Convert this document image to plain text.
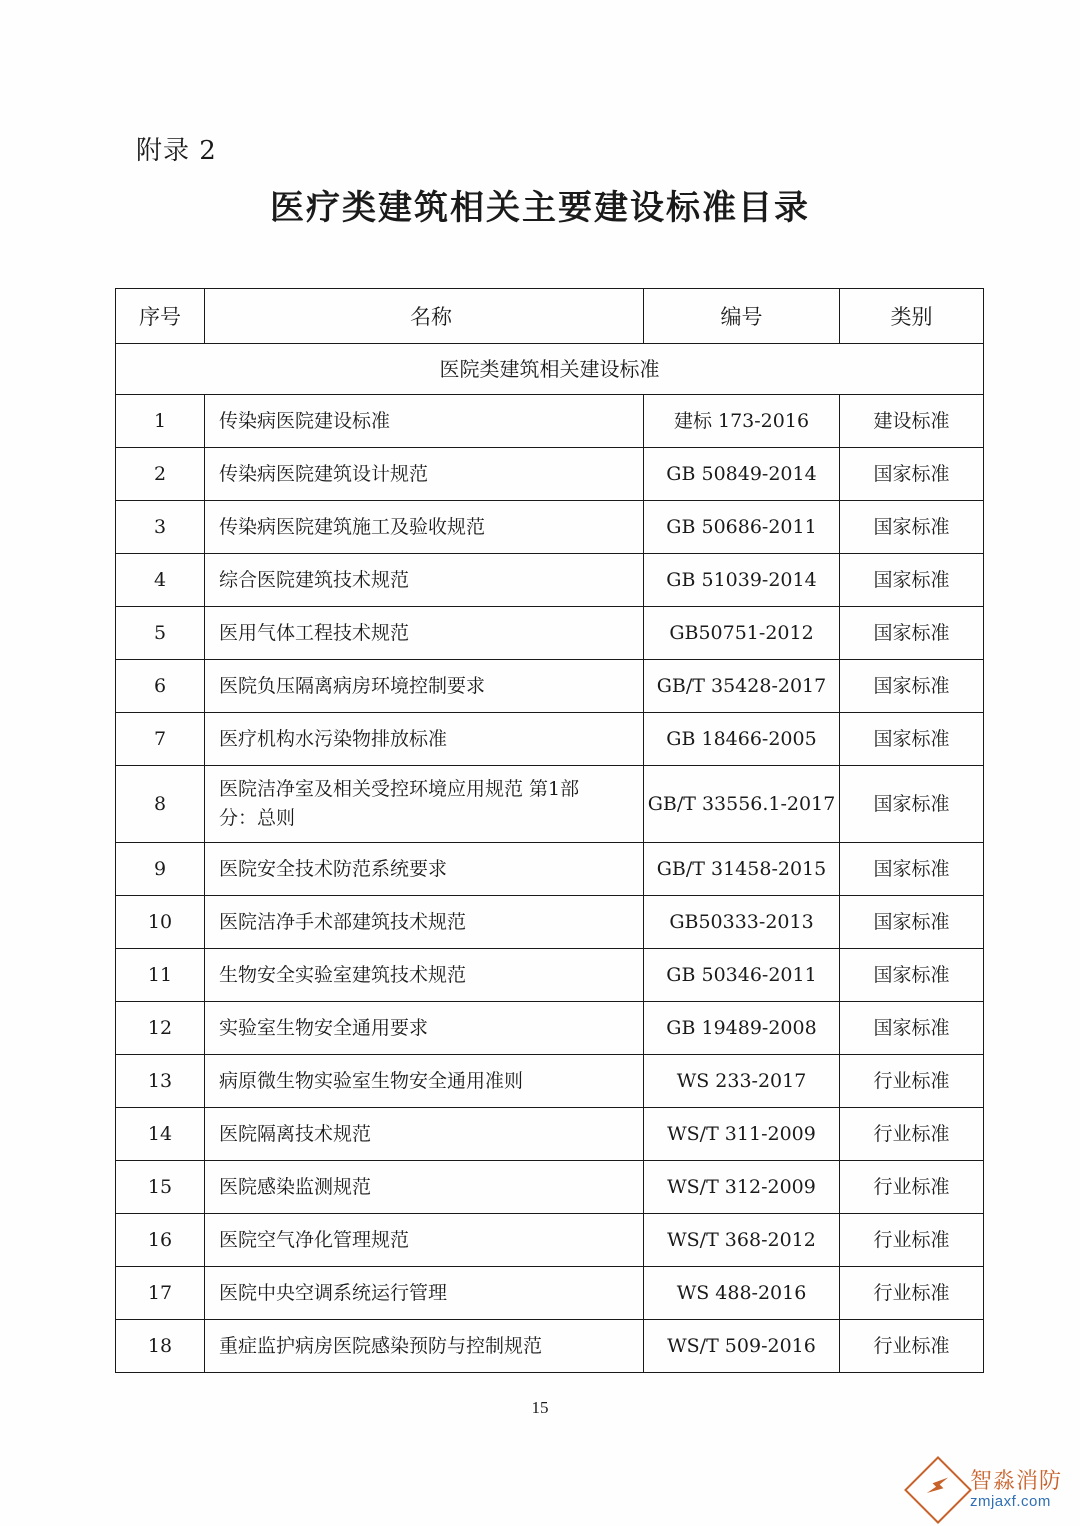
附录 2
医疗类建筑相关主要建设标准目录
序号	名称	编号	类别
医院类建筑相关建设标准			
1	传染病医院建设标准	建标 173-2016	建设标准
2	传染病医院建筑设计规范	GB 50849-2014	国家标准
3	传染病医院建筑施工及验收规范	GB 50686-2011	国家标准
4	综合医院建筑技术规范	GB 51039-2014	国家标准
5	医用气体工程技术规范	GB50751-2012	国家标准
6	医院负压隔离病房环境控制要求	GB/T 35428-2017	国家标准
7	医疗机构水污染物排放标准	GB 18466-2005	国家标准
8	医院洁净室及相关受控环境应用规范 第1部
分：总则	GB/T 33556.1-2017	国家标准
9	医院安全技术防范系统要求	GB/T 31458-2015	国家标准
10	医院洁净手术部建筑技术规范	GB50333-2013	国家标准
11	生物安全实验室建筑技术规范	GB 50346-2011	国家标准
12	实验室生物安全通用要求	GB 19489-2008	国家标准
13	病原微生物实验室生物安全通用准则	WS 233-2017	行业标准
14	医院隔离技术规范	WS/T 311-2009	行业标准
15	医院感染监测规范	WS/T 312-2009	行业标准
16	医院空气净化管理规范	WS/T 368-2012	行业标准
17	医院中央空调系统运行管理	WS 488-2016	行业标准
18	重症监护病房医院感染预防与控制规范	WS/T 509-2016	行业标准
15
智淼消防
zmjaxf.com
